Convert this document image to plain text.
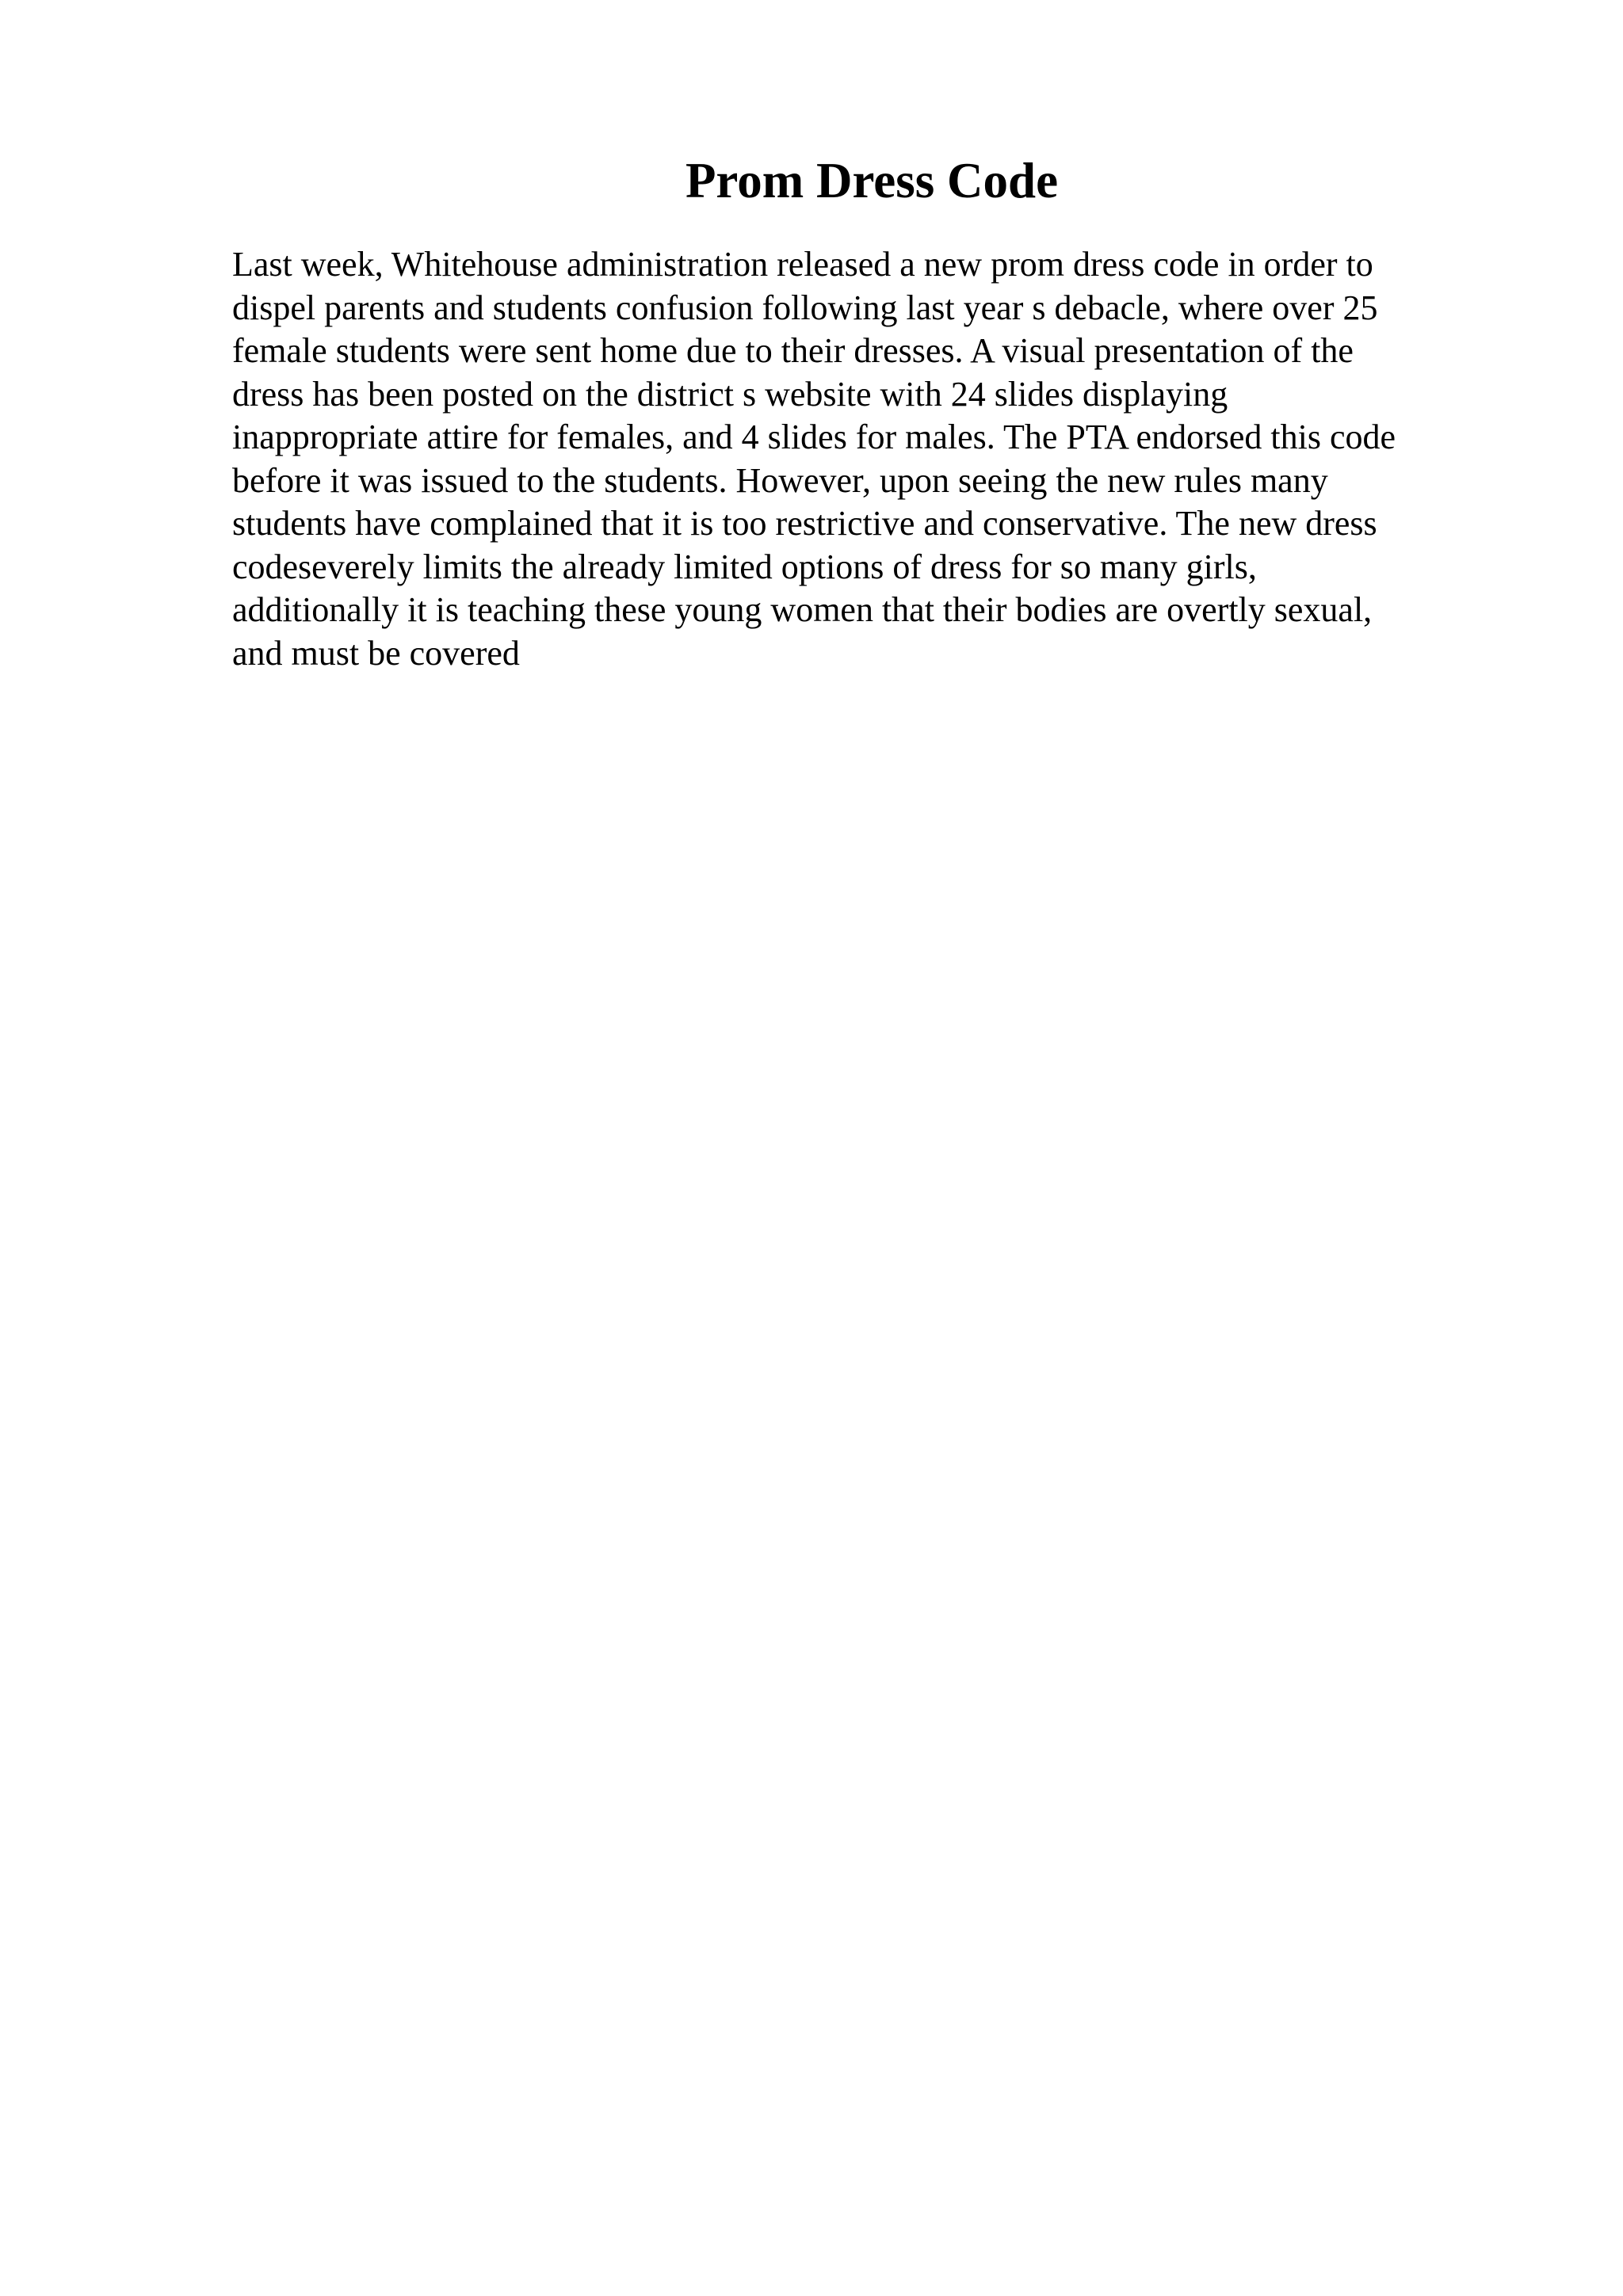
Prom Dress Code
Last week, Whitehouse administration released a new prom dress code in order to
dispel parents and students confusion following last year s debacle, where over 25
female students were sent home due to their dresses. A visual presentation of the
dress has been posted on the district s website with 24 slides displaying
inappropriate attire for females, and 4 slides for males. The PTA endorsed this code
before it was issued to the students. However, upon seeing the new rules many
students have complained that it is too restrictive and conservative. The new dress
codeseverely limits the already limited options of dress for so many girls,
additionally it is teaching these young women that their bodies are overtly sexual,
and must be covered
